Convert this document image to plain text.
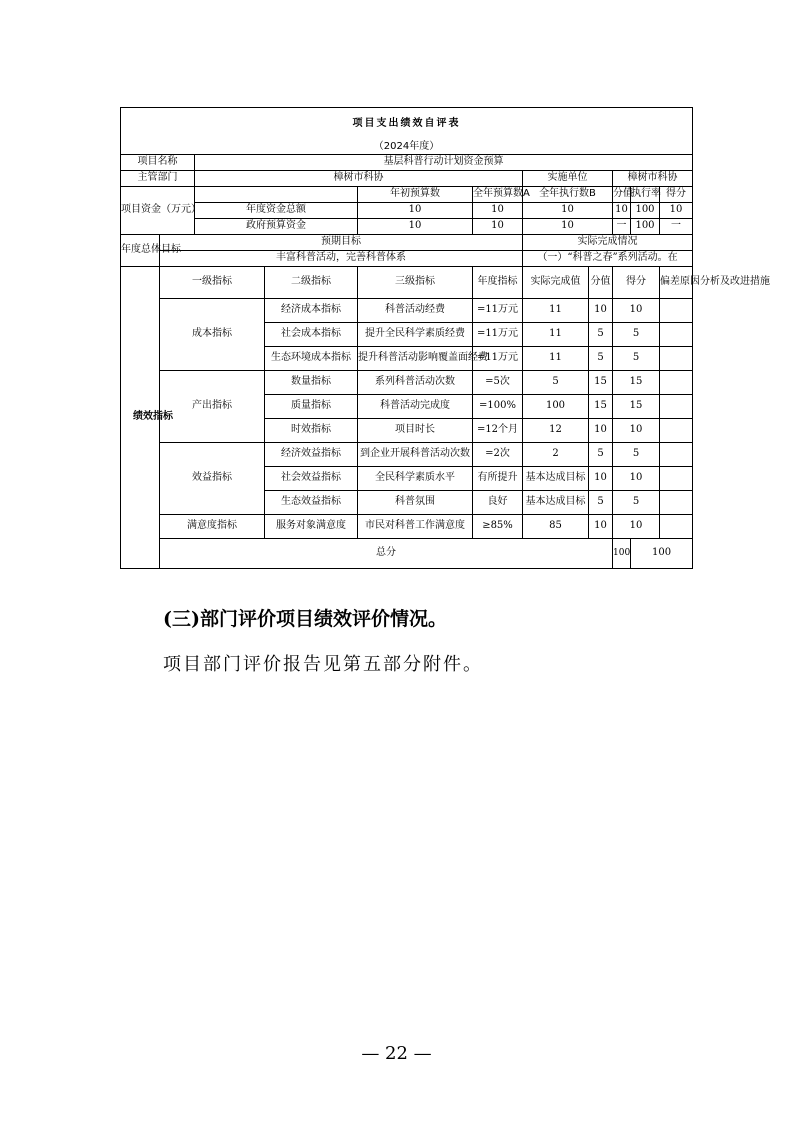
项目支出绩效自评表											
（2024年度）											
项目名称		基层科普行动计划资金预算									
主管部门		樟树市科协				实施单位		樟树市科协			
项目资金（万元）				年初预算数	全年预算数A	全年执行数B		分值	执行率	得分	
		年度资金总额		10	10	10		10	100	10	
		政府预算资金		10	10	10		一	100	一	
年度总体目标	预期目标					实际完成情况					
	丰富科普活动，完善科普体系					（一）“科普之春”系列活动。在					
绩效指标	一级指标		二级指标	三级指标	年度指标	实际完成值	分值	得分		偏差原因分析及改进措施	
	成本指标		经济成本指标	科普活动经费	=11万元	11	10	10			
			社会成本指标	提升全民科学素质经费	=11万元	11	5	5			
			生态环境成本指标	提升科普活动影响覆盖面经费	=11万元	11	5	5			
	产出指标		数量指标	系列科普活动次数	=5次	5	15	15			
			质量指标	科普活动完成度	=100%	100	15	15			
			时效指标	项目时长	=12个月	12	10	10			
	效益指标		经济效益指标	到企业开展科普活动次数	=2次	2	5	5			
			社会效益指标	全民科学素质水平	有所提升	基本达成目标	10	10			
			生态效益指标	科普氛围	良好	基本达成目标	5	5			
	满意度指标		服务对象满意度	市民对科普工作满意度	≥85%	85	10	10			
	总分							100	100		
(三)部门评价项目绩效评价情况。
项目部门评价报告见第五部分附件。
— 22 —
